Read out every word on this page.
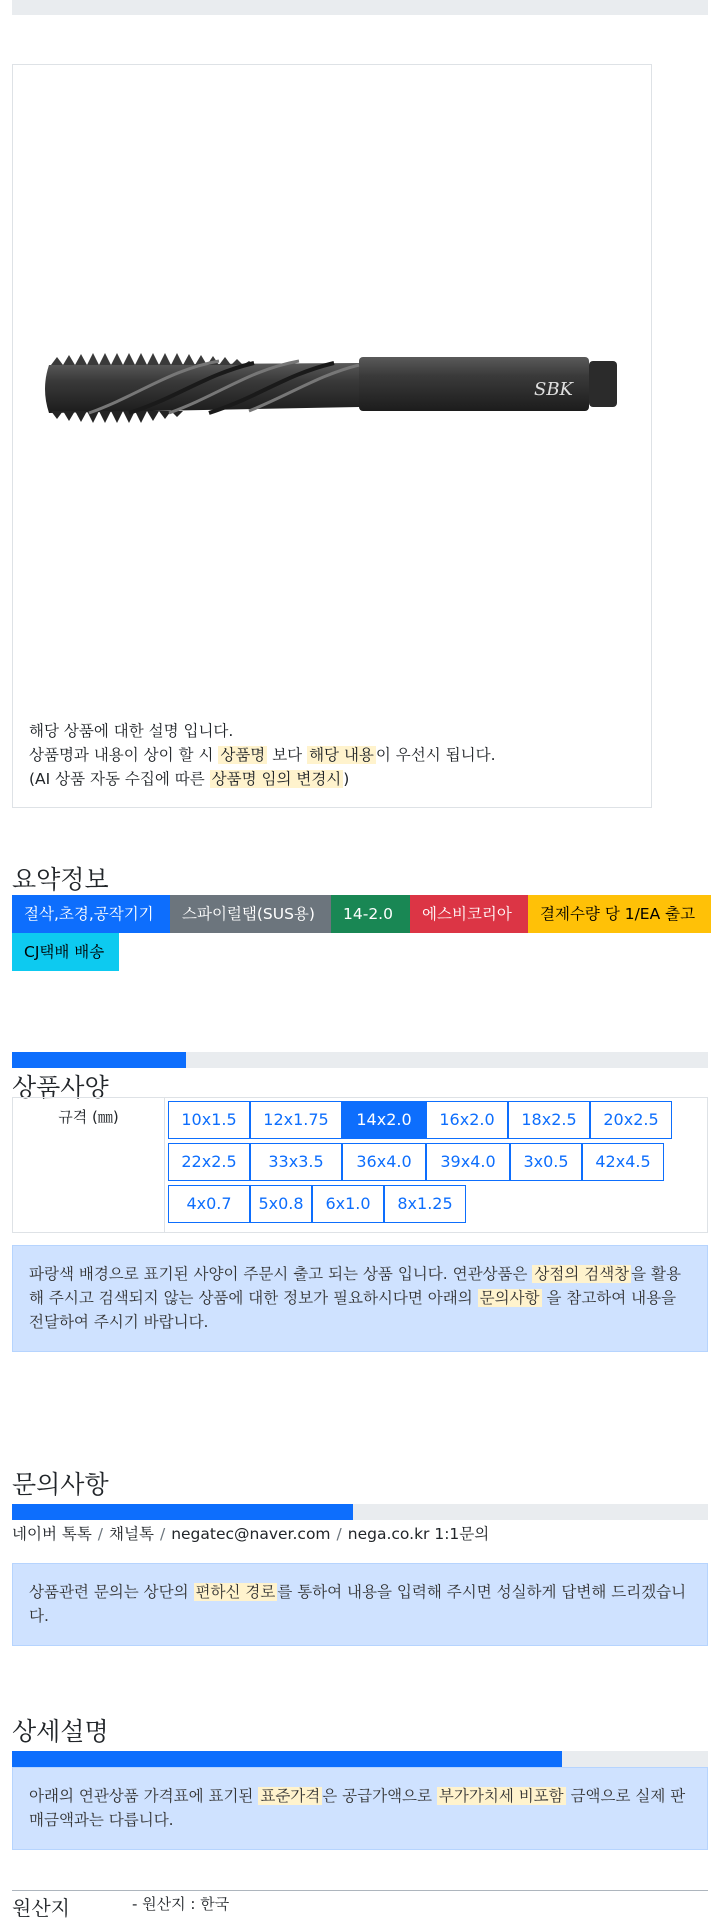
SBK
해당 상품에 대한 설명 입니다.
상품명과 내용이 상이 할 시 상품명 보다 해당 내용 이 우선시 됩니다.
(AI 상품 자동 수집에 따른 상품명 임의 변경시 )
요약정보
절삭,초경,공작기기	스파이럴탭(SUS용)	14-2.0	에스비코리아	결제수량 당 1/EA 출고
CJ택배 배송
상품사양
규격 (㎜)	10x1.5	12x1.75	14x2.0	16x2.0	18x2.5	20x2.5
22x2.5	33x3.5	36x4.0	39x4.0	3x0.5	42x4.5
4x0.7	5x0.8	6x1.0	8x1.25
파랑색 배경으로 표기된 사양이 주문시 출고 되는 상품 입니다. 연관상품은 상점의 검색창 을 활용해 주시고 검색되지 않는 상품에 대한 정보가 필요하시다면 아래의 문의사항 을 참고하여 내용을 전달하여 주시기 바랍니다.
문의사항
네이버 톡톡 / 채널톡 / negatec@naver.com / nega.co.kr 1:1문의
상품관련 문의는 상단의 편하신 경로 를 통하여 내용을 입력해 주시면 성실하게 답변해 드리겠습니다.
상세설명
아래의 연관상품 가격표에 표기된 표준가격 은 공급가액으로 부가가치세 비포함 금액으로 실제 판매금액과는 다릅니다.
원산지	- 원산지 : 한국
